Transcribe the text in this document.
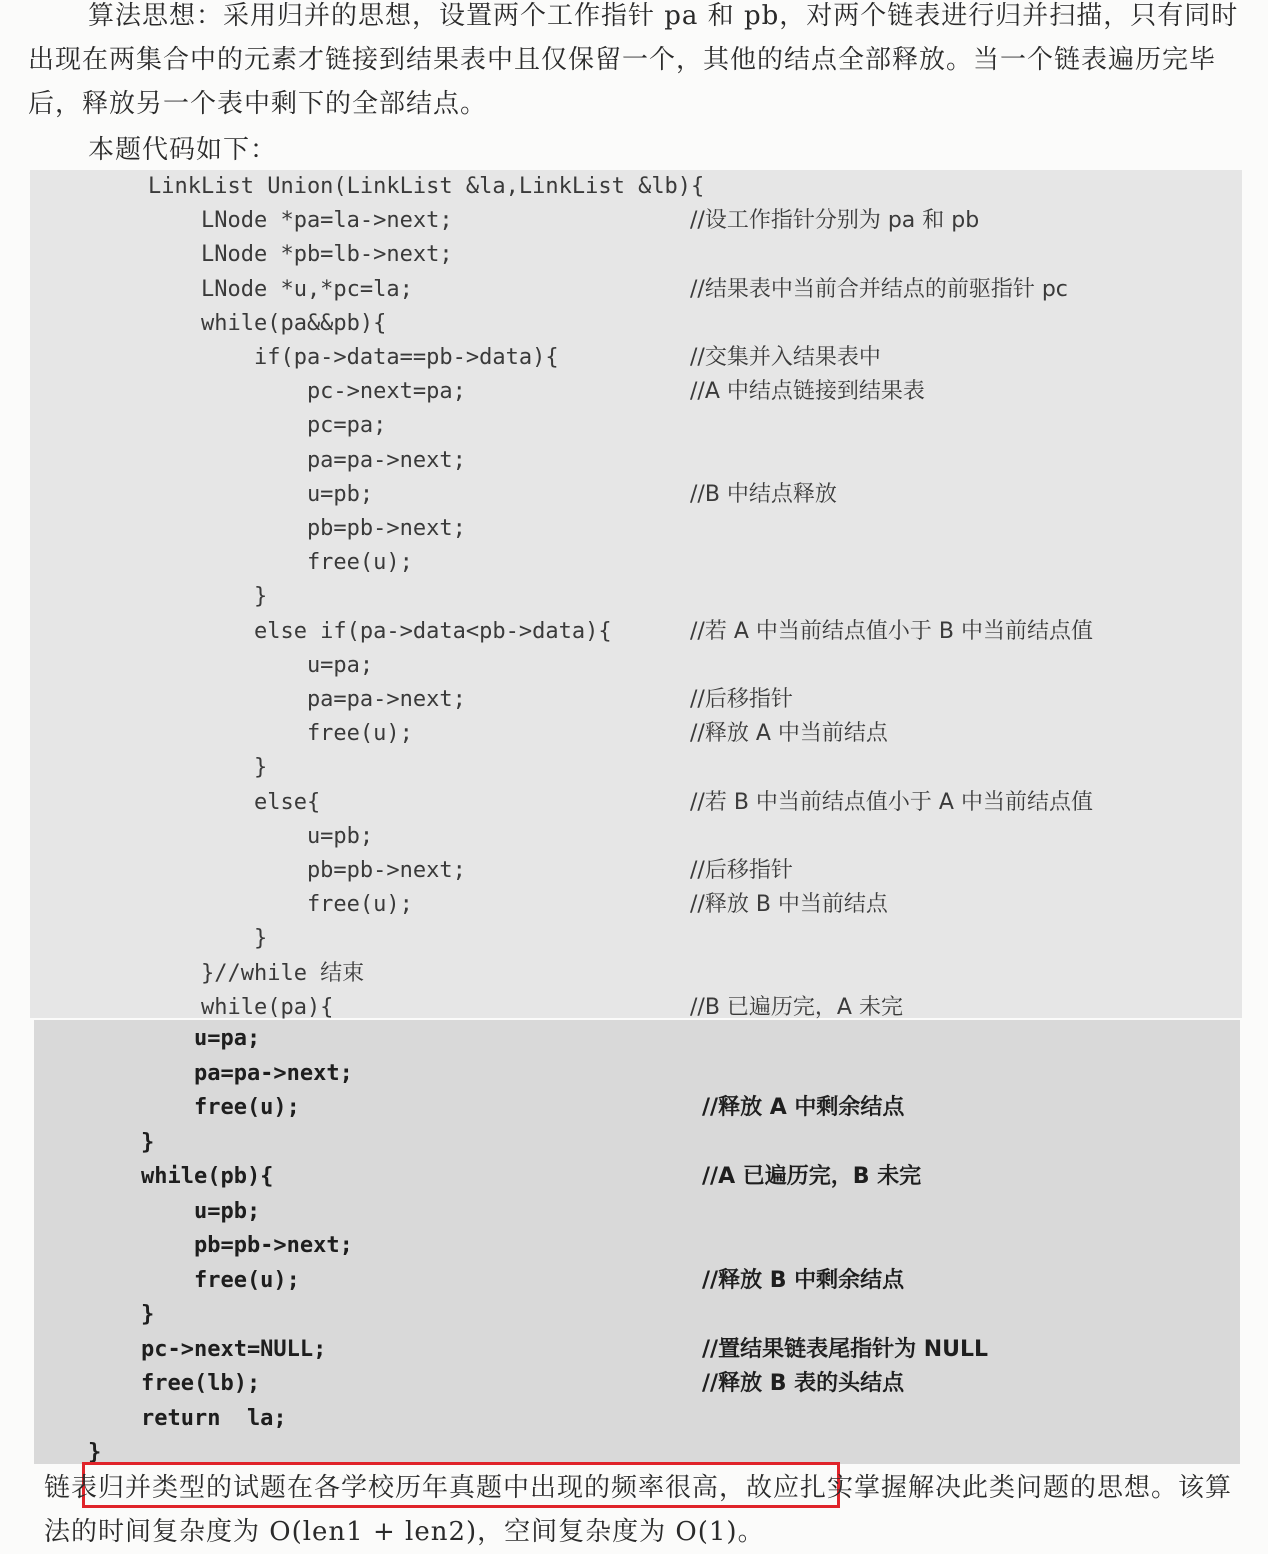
算法思想：采用归并的思想，设置两个工作指针 pa 和 pb，对两个链表进行归并扫描，只有同时出现在两集合中的元素才链接到结果表中且仅保留一个，其他的结点全部释放。当一个链表遍历完毕后，释放另一个表中剩下的全部结点。

本题代码如下：

LinkList Union(LinkList &la,LinkList &lb){
LNode *pa=la->next;	//设工作指针分别为 pa 和 pb
LNode *pb=lb->next;
LNode *u,*pc=la;	//结果表中当前合并结点的前驱指针 pc
while(pa&&pb){
if(pa->data==pb->data){	//交集并入结果表中
pc->next=pa;	//A 中结点链接到结果表
pc=pa;
pa=pa->next;
u=pb;	//B 中结点释放
pb=pb->next;
free(u);
}
else if(pa->data<pb->data){	//若 A 中当前结点值小于 B 中当前结点值
u=pa;
pa=pa->next;	//后移指针
free(u);	//释放 A 中当前结点
}
else{	//若 B 中当前结点值小于 A 中当前结点值
u=pb;
pb=pb->next;	//后移指针
free(u);	//释放 B 中当前结点
}
}//while 结束
while(pa){	//B 已遍历完，A 未完
u=pa;
pa=pa->next;
free(u);	//释放 A 中剩余结点
}
while(pb){	//A 已遍历完，B 未完
u=pb;
pb=pb->next;
free(u);	//释放 B 中剩余结点
}
pc->next=NULL;	//置结果链表尾指针为 NULL
free(lb);	//释放 B 表的头结点
return  la;
}

链表归并类型的试题在各学校历年真题中出现的频率很高，故应扎实掌握解决此类问题的思想。该算法的时间复杂度为 O(len1 + len2)，空间复杂度为 O(1)。
